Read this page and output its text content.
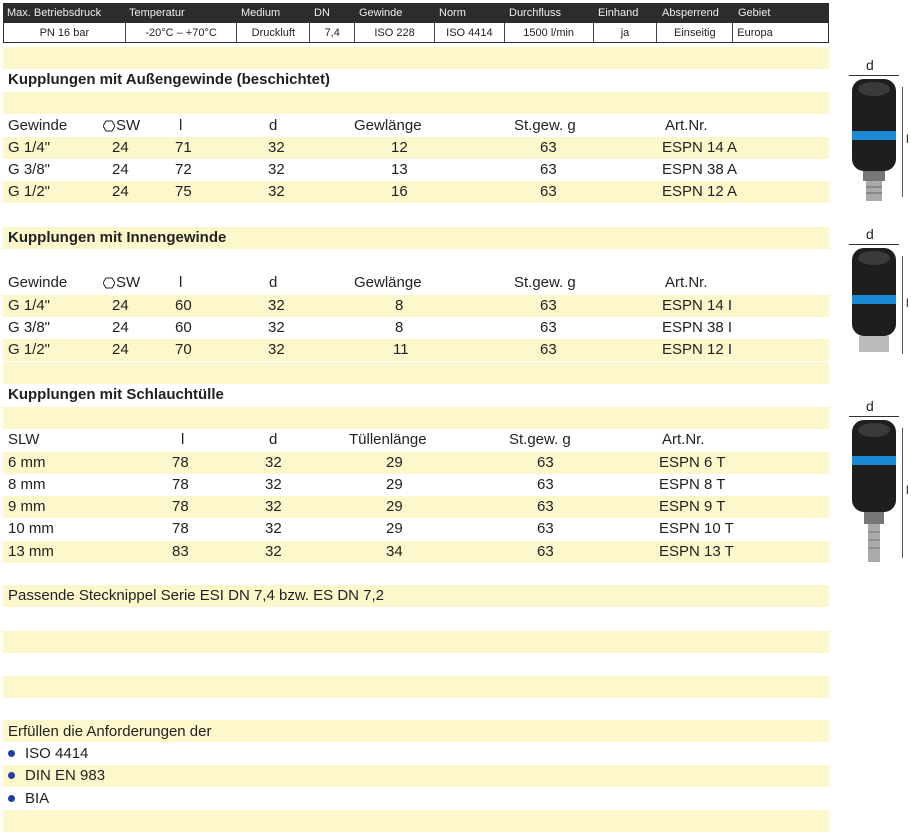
Max. Betriebsdruck	Temperatur	Medium	DN	Gewinde	Norm	Durchfluss	Einhand	Absperrend	Gebiet
PN 16 bar	-20°C – +70°C	Druckluft	7,4	ISO 228	ISO 4414	1500 l/min	ja	Einseitig	Europa
Kupplungen mit Außengewinde (beschichtet)
Gewinde	SW	l	d	Gewlänge	St.gew. g	Art.Nr.
G 1/4"	24	71	32	12	63	ESPN 14 A
G 3/8"	24	72	32	13	63	ESPN 38 A
G 1/2"	24	75	32	16	63	ESPN 12 A
Kupplungen mit Innengewinde
Gewinde	SW	l	d	Gewlänge	St.gew. g	Art.Nr.
G 1/4"	24	60	32	8	63	ESPN 14 I
G 3/8"	24	60	32	8	63	ESPN 38 I
G 1/2"	24	70	32	11	63	ESPN 12 I
Kupplungen mit Schlauchtülle
SLW	l	d	Tüllenlänge	St.gew. g	Art.Nr.
6 mm	78	32	29	63	ESPN 6 T
8 mm	78	32	29	63	ESPN 8 T
9 mm	78	32	29	63	ESPN 9 T
10 mm	78	32	29	63	ESPN 10 T
13 mm	83	32	34	63	ESPN 13 T
Passende Stecknippel Serie ESI DN 7,4 bzw. ES DN 7,2
Erfüllen die Anforderungen der
ISO 4414
DIN EN 983
BIA
d
l
d
l
d
l
